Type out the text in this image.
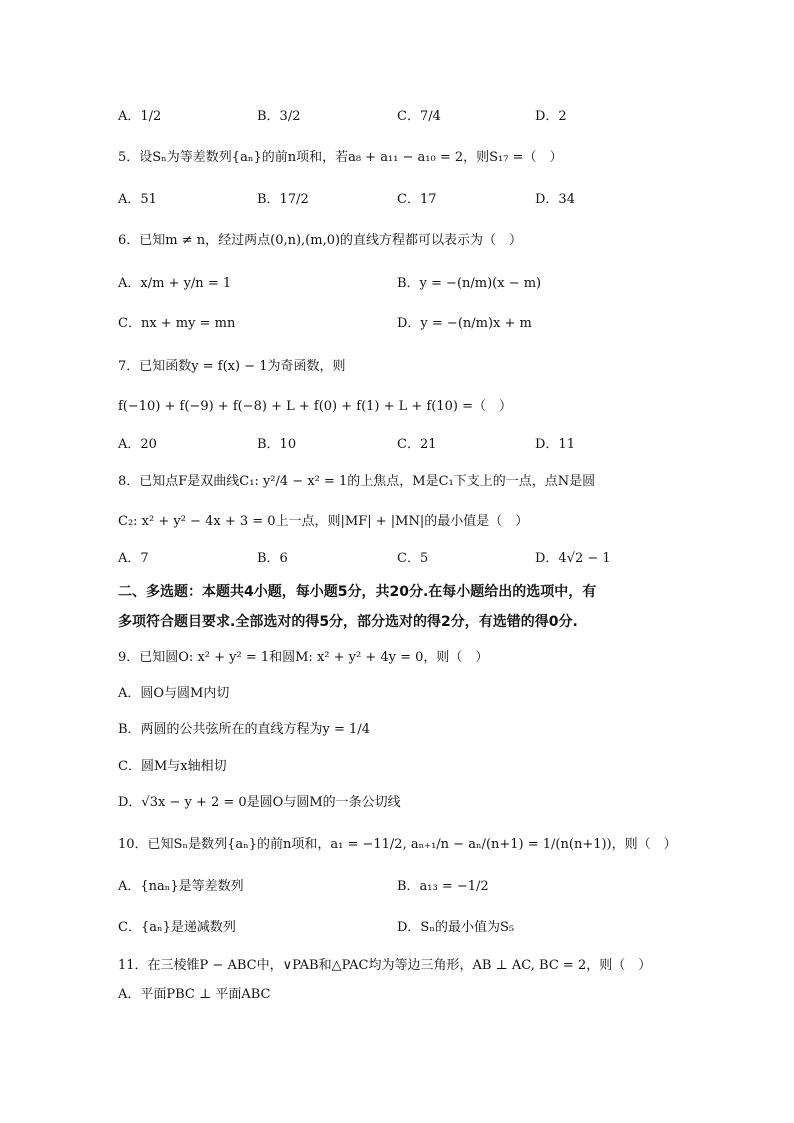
A．1/2	B．3/2	C．7/4	D．2
5．设Sₙ为等差数列{aₙ}的前n项和，若a₈ + a₁₁ − a₁₀ = 2，则S₁₇ =（　）
A．51	B．17/2	C．17	D．34
6．已知m ≠ n，经过两点(0,n),(m,0)的直线方程都可以表示为（　）
A．x/m + y/n = 1	B．y = −(n/m)(x − m)
C．nx + my = mn	D．y = −(n/m)x + m
7．已知函数y = f(x) − 1为奇函数，则
f(−10) + f(−9) + f(−8) + L + f(0) + f(1) + L + f(10) =（　）
A．20	B．10	C．21	D．11
8．已知点F是双曲线C₁: y²/4 − x² = 1的上焦点，M是C₁下支上的一点，点N是圆
C₂: x² + y² − 4x + 3 = 0上一点，则|MF| + |MN|的最小值是（　）
A．7	B．6	C．5	D．4√2 − 1
二、多选题：本题共4小题，每小题5分，共20分.在每小题给出的选项中，有
多项符合题目要求.全部选对的得5分，部分选对的得2分，有选错的得0分.
9．已知圆O: x² + y² = 1和圆M: x² + y² + 4y = 0，则（　）
A．圆O与圆M内切
B．两圆的公共弦所在的直线方程为y = 1/4
C．圆M与x轴相切
D．√3x − y + 2 = 0是圆O与圆M的一条公切线
10．已知Sₙ是数列{aₙ}的前n项和，a₁ = −11/2, aₙ₊₁/n − aₙ/(n+1) = 1/(n(n+1))，则（　）
A．{naₙ}是等差数列	B．a₁₃ = −1/2
C．{aₙ}是递减数列	D．Sₙ的最小值为S₅
11．在三棱锥P − ABC中，∨PAB和△PAC均为等边三角形，AB ⊥ AC, BC = 2，则（　）
A．平面PBC ⊥ 平面ABC
